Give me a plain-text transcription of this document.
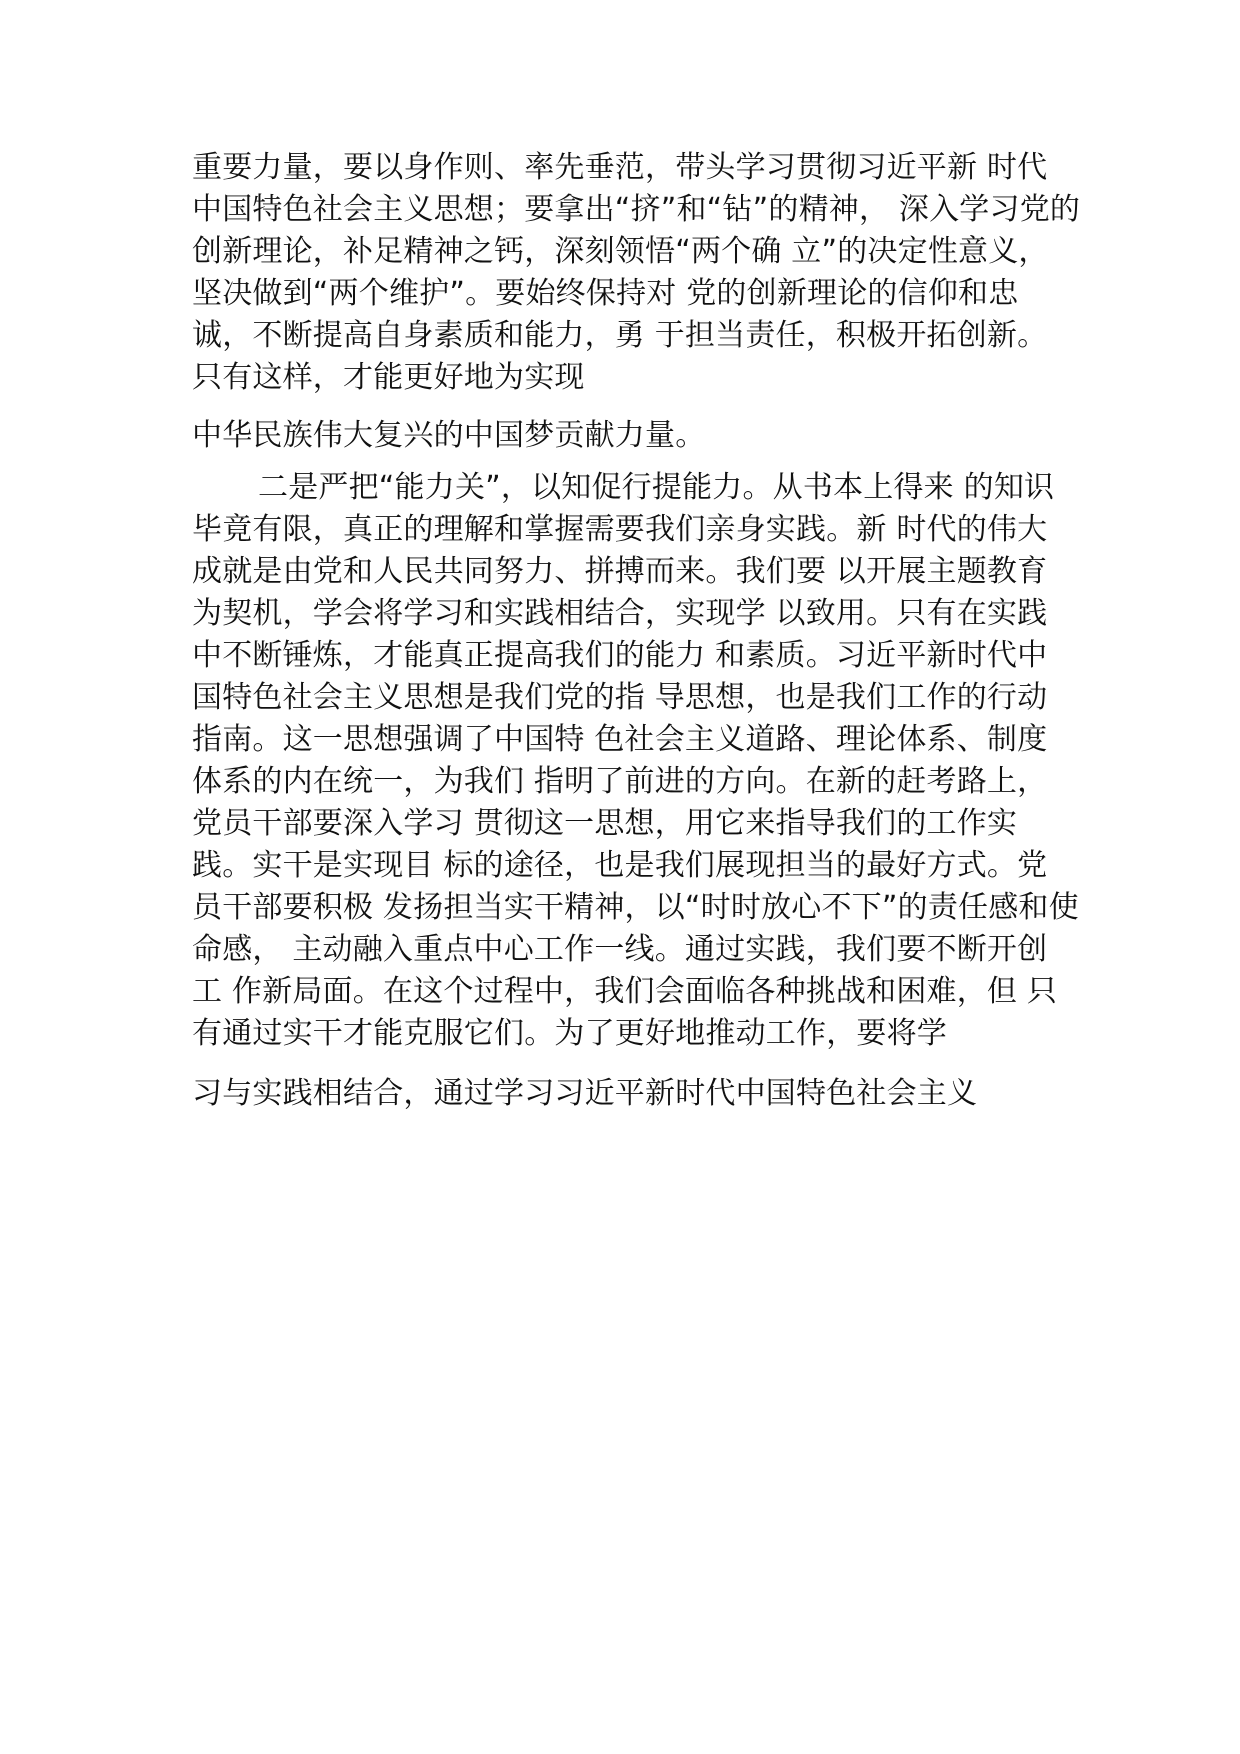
重要力量，要以身作则、率先垂范，带头学习贯彻习近平新 时代

中国特色社会主义思想；要拿出“挤”和“钻”的精神， 深入学习党的

创新理论，补足精神之钙，深刻领悟“两个确 立”的决定性意义，

坚决做到“两个维护”。要始终保持对 党的创新理论的信仰和忠

诚，不断提高自身素质和能力，勇 于担当责任，积极开拓创新。

只有这样，才能更好地为实现

中华民族伟大复兴的中国梦贡献力量。

二是严把“能力关”，以知促行提能力。从书本上得来 的知识

毕竟有限，真正的理解和掌握需要我们亲身实践。新 时代的伟大

成就是由党和人民共同努力、拼搏而来。我们要 以开展主题教育

为契机，学会将学习和实践相结合，实现学 以致用。只有在实践

中不断锤炼，才能真正提高我们的能力 和素质。习近平新时代中

国特色社会主义思想是我们党的指 导思想，也是我们工作的行动

指南。这一思想强调了中国特 色社会主义道路、理论体系、制度

体系的内在统一，为我们 指明了前进的方向。在新的赶考路上，

党员干部要深入学习 贯彻这一思想，用它来指导我们的工作实

践。实干是实现目 标的途径，也是我们展现担当的最好方式。党

员干部要积极 发扬担当实干精神，以“时时放心不下”的责任感和使

命感， 主动融入重点中心工作一线。通过实践，我们要不断开创

工 作新局面。在这个过程中，我们会面临各种挑战和困难，但 只

有通过实干才能克服它们。为了更好地推动工作，要将学

习与实践相结合，通过学习习近平新时代中国特色社会主义
